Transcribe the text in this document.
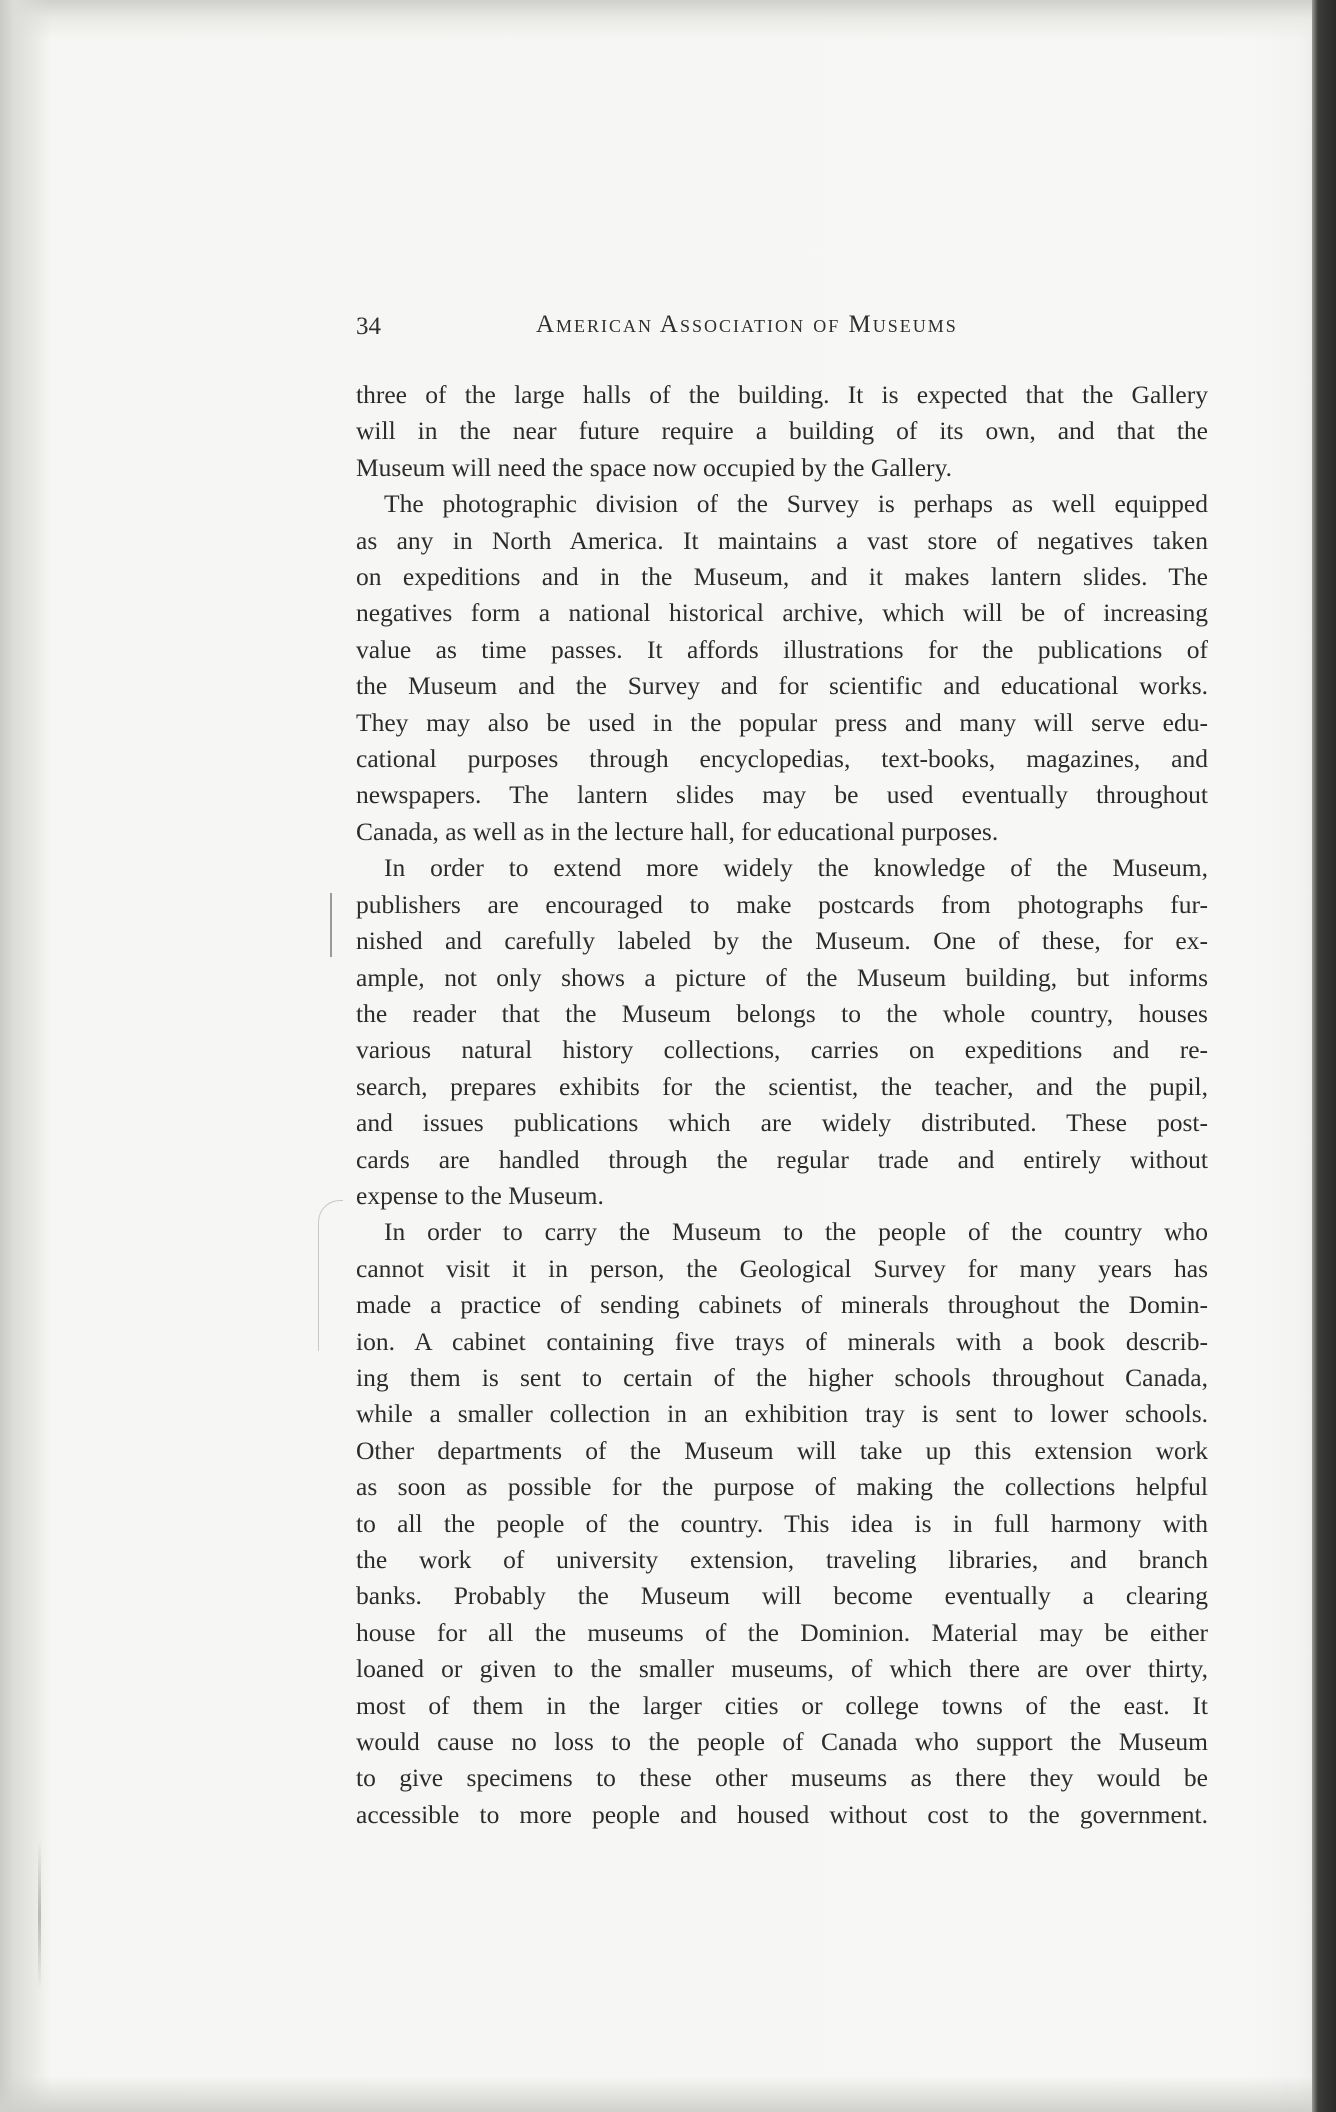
34	American Association of Museums

three of the large halls of the building. It is expected that the Gallery
will in the near future require a building of its own, and that the
Museum will need the space now occupied by the Gallery.

The photographic division of the Survey is perhaps as well equipped
as any in North America. It maintains a vast store of negatives taken
on expeditions and in the Museum, and it makes lantern slides. The
negatives form a national historical archive, which will be of increasing
value as time passes. It affords illustrations for the publications of
the Museum and the Survey and for scientific and educational works.
They may also be used in the popular press and many will serve edu-
cational purposes through encyclopedias, text-books, magazines, and
newspapers. The lantern slides may be used eventually throughout
Canada, as well as in the lecture hall, for educational purposes.

In order to extend more widely the knowledge of the Museum,
publishers are encouraged to make postcards from photographs fur-
nished and carefully labeled by the Museum. One of these, for ex-
ample, not only shows a picture of the Museum building, but informs
the reader that the Museum belongs to the whole country, houses
various natural history collections, carries on expeditions and re-
search, prepares exhibits for the scientist, the teacher, and the pupil,
and issues publications which are widely distributed. These post-
cards are handled through the regular trade and entirely without
expense to the Museum.

In order to carry the Museum to the people of the country who
cannot visit it in person, the Geological Survey for many years has
made a practice of sending cabinets of minerals throughout the Domin-
ion. A cabinet containing five trays of minerals with a book describ-
ing them is sent to certain of the higher schools throughout Canada,
while a smaller collection in an exhibition tray is sent to lower schools.
Other departments of the Museum will take up this extension work
as soon as possible for the purpose of making the collections helpful
to all the people of the country. This idea is in full harmony with
the work of university extension, traveling libraries, and branch
banks. Probably the Museum will become eventually a clearing
house for all the museums of the Dominion. Material may be either
loaned or given to the smaller museums, of which there are over thirty,
most of them in the larger cities or college towns of the east. It
would cause no loss to the people of Canada who support the Museum
to give specimens to these other museums as there they would be
accessible to more people and housed without cost to the government.
